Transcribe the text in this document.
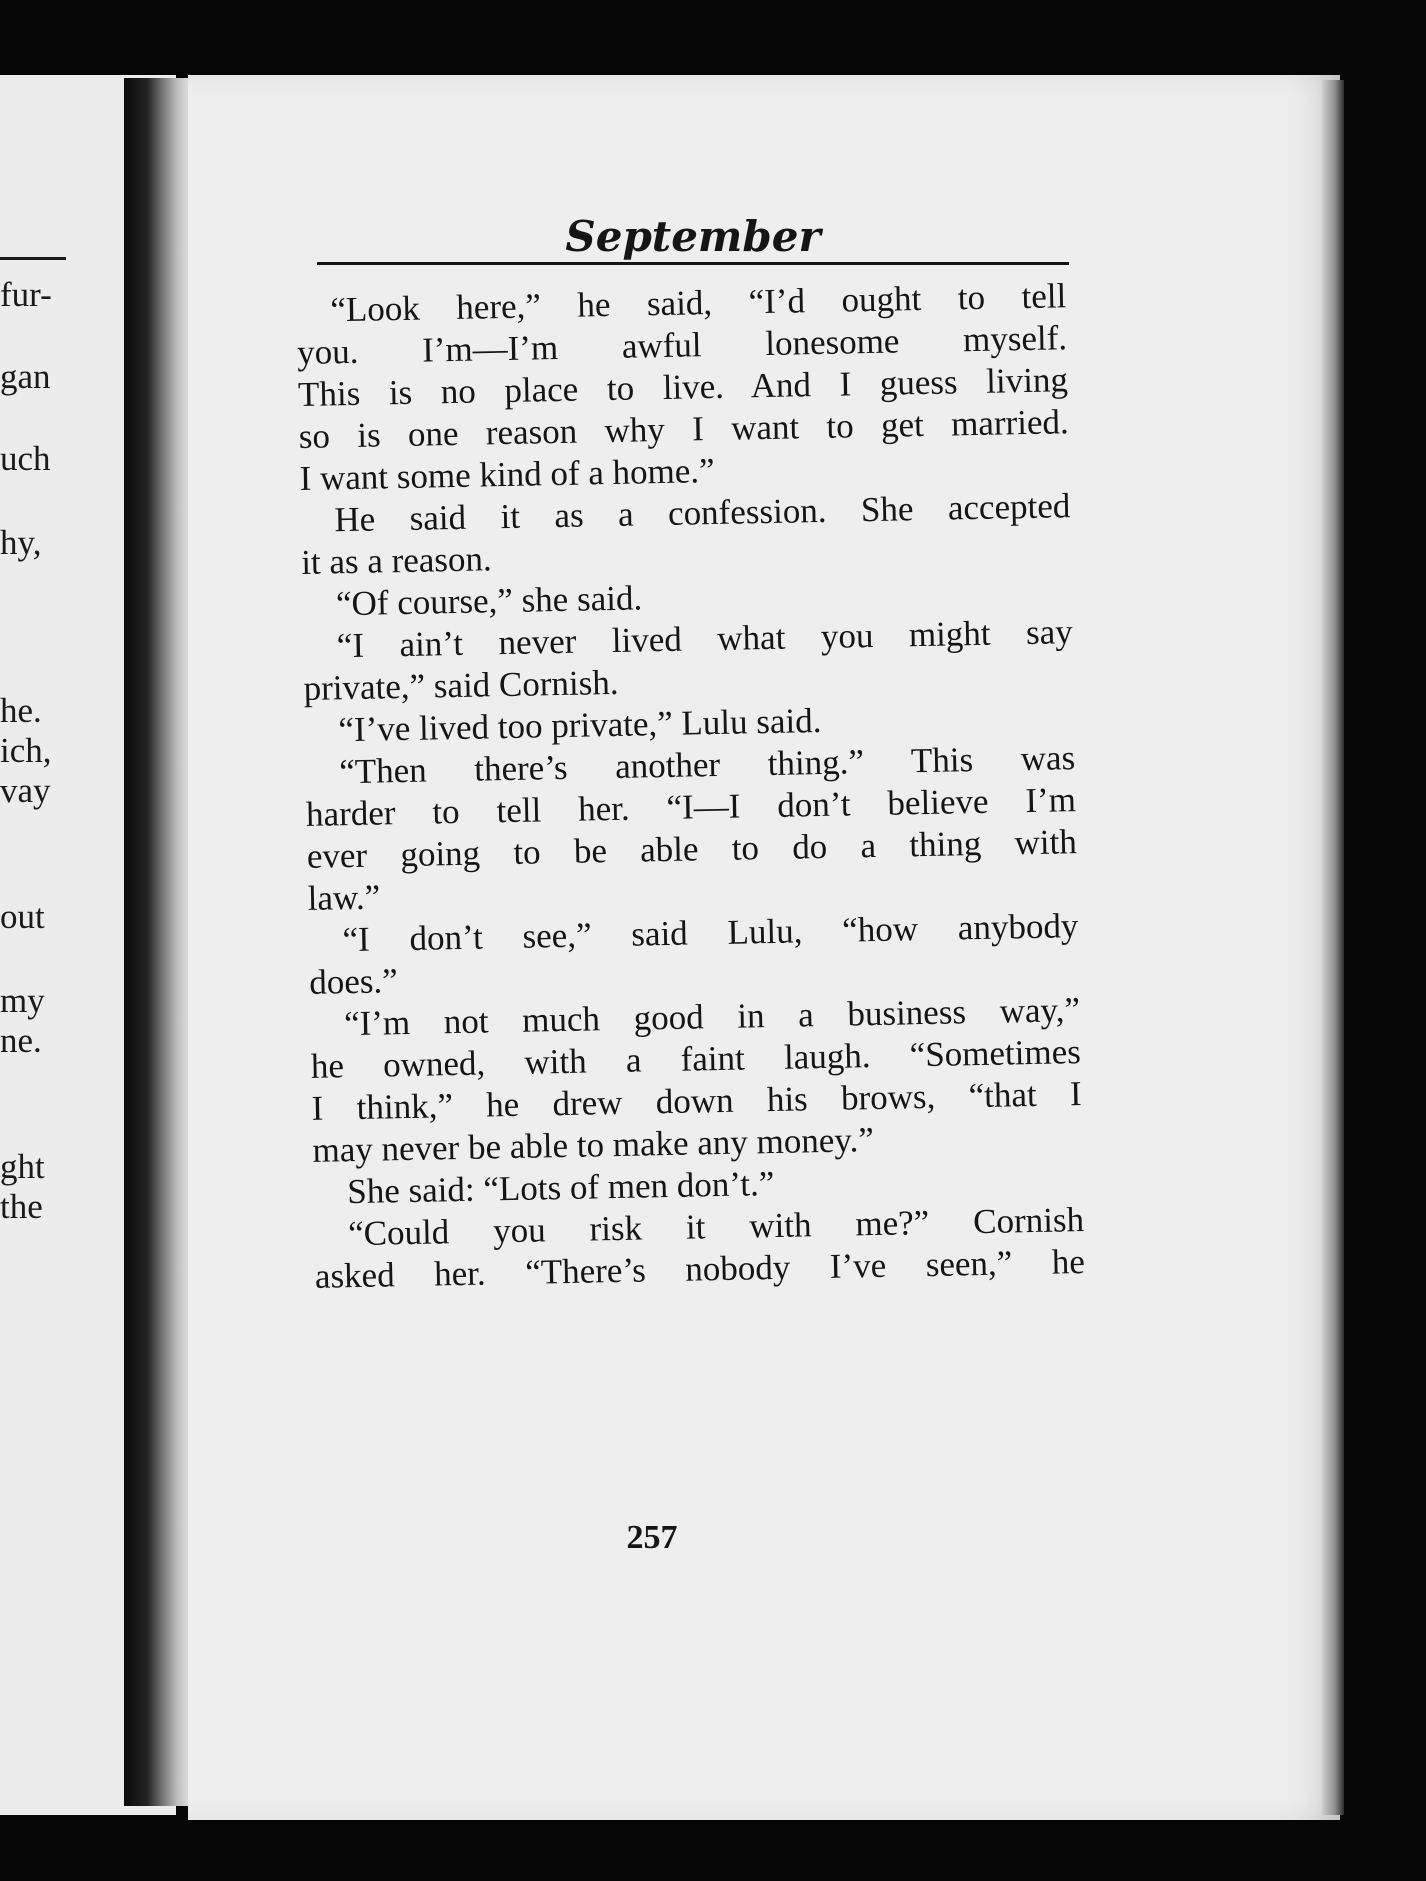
fur-
gan
uch
hy,
he.
ich,
vay
out
my
ne.
ght
the
September
“Look here,” he said, “I’d ought to tell
you. I’m—I’m awful lonesome myself.
This is no place to live. And I guess living
so is one reason why I want to get married.
I want some kind of a home.”
He said it as a confession. She accepted
it as a reason.
“Of course,” she said.
“I ain’t never lived what you might say
private,” said Cornish.
“I’ve lived too private,” Lulu said.
“Then there’s another thing.” This was
harder to tell her. “I—I don’t believe I’m
ever going to be able to do a thing with
law.”
“I don’t see,” said Lulu, “how anybody
does.”
“I’m not much good in a business way,”
he owned, with a faint laugh. “Sometimes
I think,” he drew down his brows, “that I
may never be able to make any money.”
She said: “Lots of men don’t.”
“Could you risk it with me?” Cornish
asked her. “There’s nobody I’ve seen,” he
257
